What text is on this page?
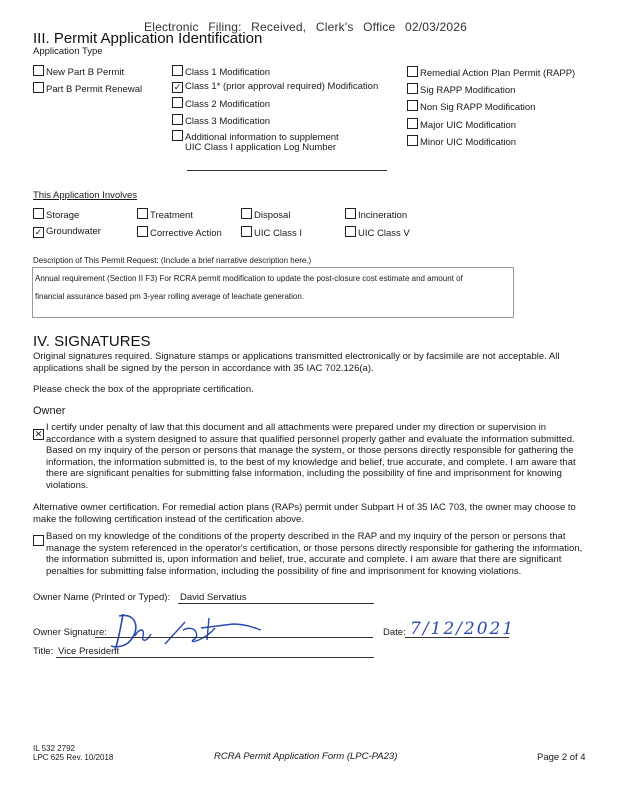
Electronic Filing: Received, Clerk's Office 02/03/2026
III. Permit Application Identification
Application Type
New Part B Permit
Part B Permit Renewal
Class 1 Modification
✓ Class 1* (prior approval required) Modification
Class 2 Modification
Class 3 Modification
Additional information to supplement
UIC Class I application Log Number
Remedial Action Plan Permit (RAPP)
Sig RAPP Modification
Non Sig RAPP Modification
Major UIC Modification
Minor UIC Modification
This Application Involves
Storage	Treatment	Disposal	Incineration
✓ Groundwater	Corrective Action	UIC Class I	UIC Class V
Description of This Permit Request: (Include a brief narrative description here.)
Annual requirement (Section II F3) For RCRA permit modification to update the post-closure cost estimate and amount of
financial assurance based pm 3-year rolling average of leachate generation.
IV. SIGNATURES
Original signatures required. Signature stamps or applications transmitted electronically or by facsimile are not acceptable. All applications shall be signed by the person in accordance with 35 IAC 702.126(a).
Please check the box of the appropriate certification.
Owner
✕
I certify under penalty of law that this document and all attachments were prepared under my direction or supervision in accordance with a system designed to assure that qualified personnel properly gather and evaluate the information submitted. Based on my inquiry of the person or persons that manage the system, or those persons directly responsible for gathering the information, the information submitted is, to the best of my knowledge and belief, true accurate, and complete. I am aware that there are significant penalties for submitting false information, including the possibility of fine and imprisonment for knowing violations.
Alternative owner certification. For remedial action plans (RAPs) permit under Subpart H of 35 IAC 703, the owner may choose to make the following certification instead of the certification above.
Based on my knowledge of the conditions of the property described in the RAP and my inquiry of the person or persons that manage the system referenced in the operator's certification, or those persons directly responsible for gathering the information, the information submitted is, upon information and belief, true, accurate and complete. I am aware that there are significant penalties for submitting false information, including the possibility of fine and imprisonment for knowing violations.
Owner Name (Printed or Typed): David Servatius
Owner Signature:	Date: 7/12/2021
Title: Vice President
IL 532 2792
LPC 625 Rev. 10/2018	RCRA Permit Application Form (LPC-PA23)	Page 2 of 4
